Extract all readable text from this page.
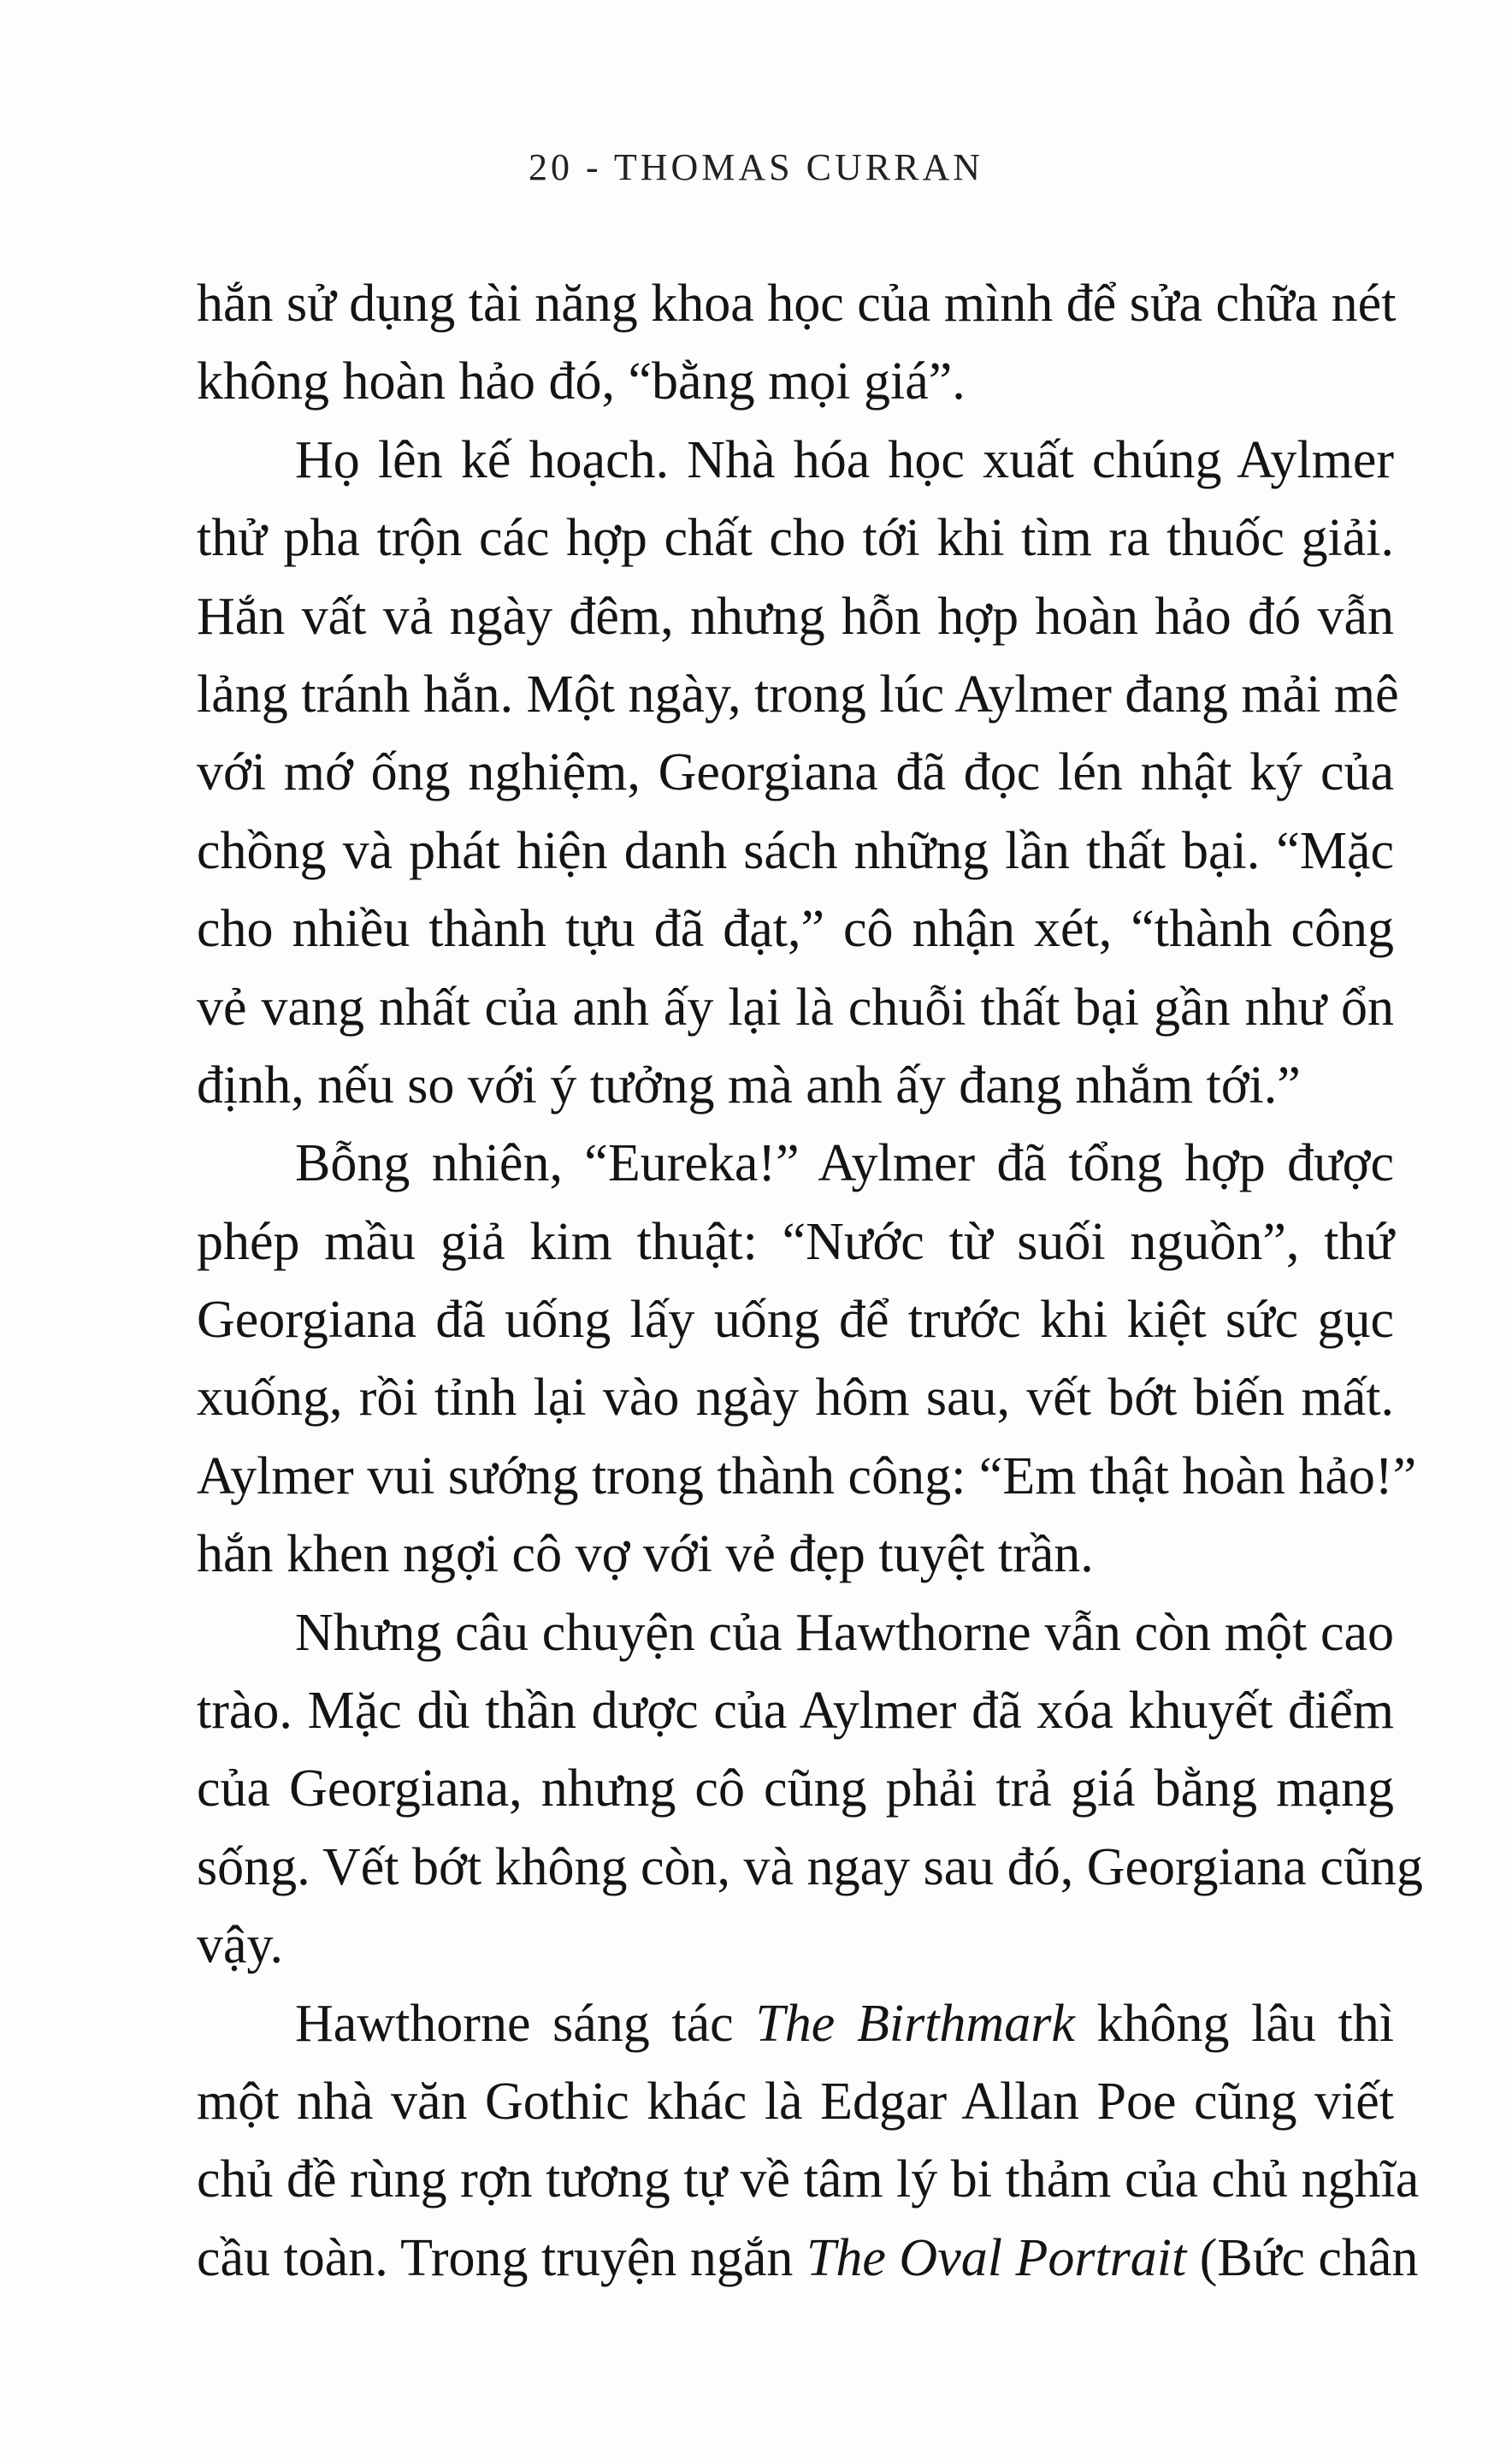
20 - THOMAS CURRAN
hắn sử dụng tài năng khoa học của mình để sửa chữa nét
không hoàn hảo đó, “bằng mọi giá”.
Họ lên kế hoạch. Nhà hóa học xuất chúng Aylmer
thử pha trộn các hợp chất cho tới khi tìm ra thuốc giải.
Hắn vất vả ngày đêm, nhưng hỗn hợp hoàn hảo đó vẫn
lảng tránh hắn. Một ngày, trong lúc Aylmer đang mải mê
với mớ ống nghiệm, Georgiana đã đọc lén nhật ký của
chồng và phát hiện danh sách những lần thất bại. “Mặc
cho nhiều thành tựu đã đạt,” cô nhận xét, “thành công
vẻ vang nhất của anh ấy lại là chuỗi thất bại gần như ổn
định, nếu so với ý tưởng mà anh ấy đang nhắm tới.”
Bỗng nhiên, “Eureka!” Aylmer đã tổng hợp được
phép mầu giả kim thuật: “Nước từ suối nguồn”, thứ
Georgiana đã uống lấy uống để trước khi kiệt sức gục
xuống, rồi tỉnh lại vào ngày hôm sau, vết bớt biến mất.
Aylmer vui sướng trong thành công: “Em thật hoàn hảo!”
hắn khen ngợi cô vợ với vẻ đẹp tuyệt trần.
Nhưng câu chuyện của Hawthorne vẫn còn một cao
trào. Mặc dù thần dược của Aylmer đã xóa khuyết điểm
của Georgiana, nhưng cô cũng phải trả giá bằng mạng
sống. Vết bớt không còn, và ngay sau đó, Georgiana cũng
vậy.
Hawthorne sáng tác The Birthmark không lâu thì
một nhà văn Gothic khác là Edgar Allan Poe cũng viết
chủ đề rùng rợn tương tự về tâm lý bi thảm của chủ nghĩa
cầu toàn. Trong truyện ngắn The Oval Portrait (Bức chân
